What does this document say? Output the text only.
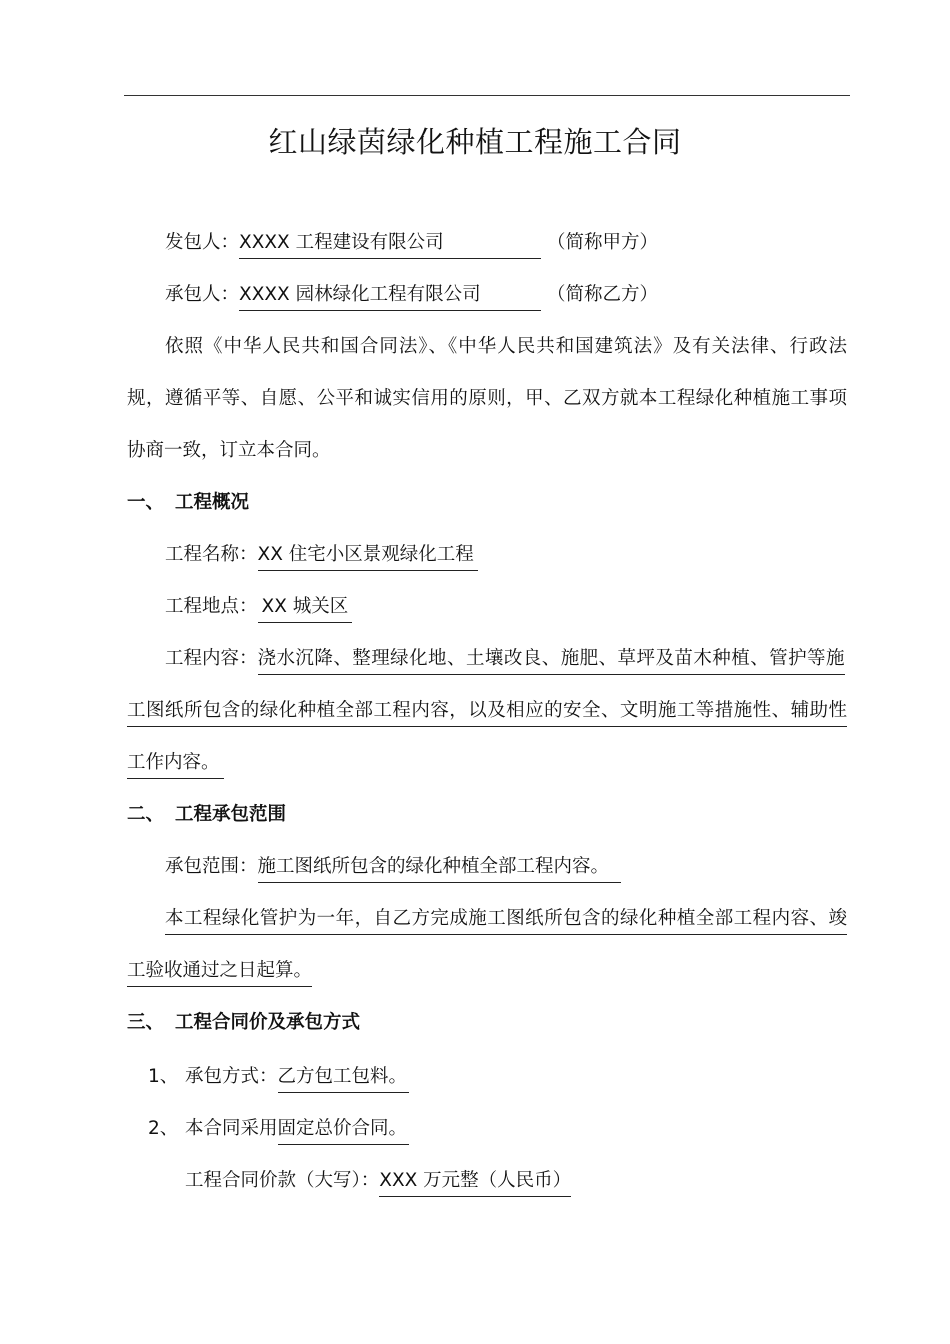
红山绿茵绿化种植工程施工合同
发包人：XXXX 工程建设有限公司	（简称甲方）
承包人：XXXX 园林绿化工程有限公司	（简称乙方）
依照《中华人民共和国合同法》、《中华人民共和国建筑法》及有关法律、行政法
规，遵循平等、自愿、公平和诚实信用的原则，甲、乙双方就本工程绿化种植施工事项
协商一致，订立本合同。
一、 工程概况
工程名称：XX 住宅小区景观绿化工程
工程地点： XX 城关区
工程内容：浇水沉降、整理绿化地、土壤改良、施肥、草坪及苗木种植、管护等施
工图纸所包含的绿化种植全部工程内容，以及相应的安全、文明施工等措施性、辅助性
工作内容。
二、 工程承包范围
承包范围：施工图纸所包含的绿化种植全部工程内容。
本工程绿化管护为一年，自乙方完成施工图纸所包含的绿化种植全部工程内容、竣
工验收通过之日起算。
三、 工程合同价及承包方式
1、 承包方式：乙方包工包料。
2、 本合同采用固定总价合同。
工程合同价款（大写）：XXX 万元整（人民币）
